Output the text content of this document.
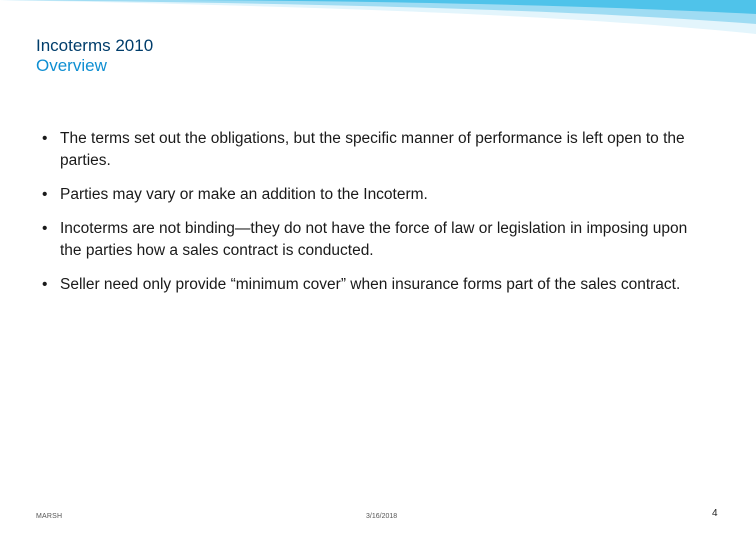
Incoterms 2010
Overview
• The terms set out the obligations, but the specific manner of performance is left open to the parties.
• Parties may vary or make an addition to the Incoterm.
• Incoterms are not binding—they do not have the force of law or legislation in imposing upon the parties how a sales contract is conducted.
• Seller need only provide “minimum cover” when insurance forms part of the sales contract.
MARSH	3/16/2018	4
